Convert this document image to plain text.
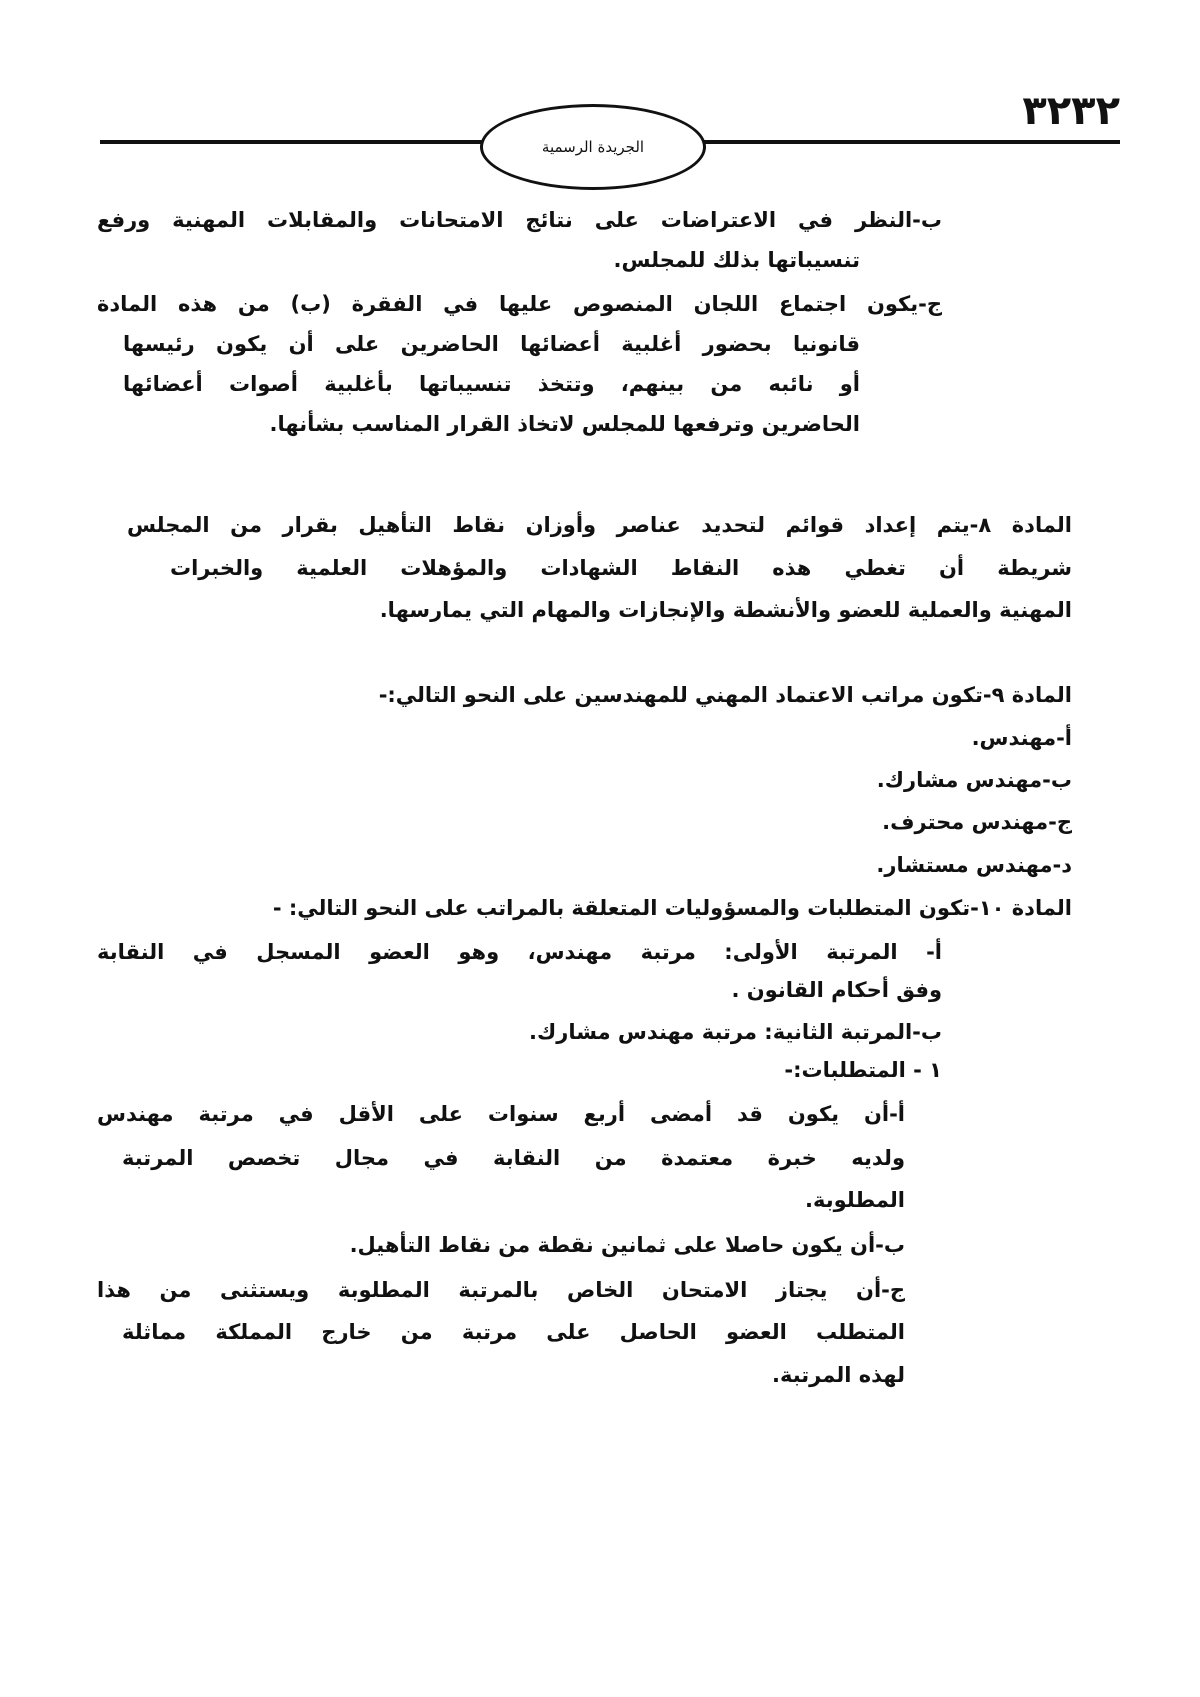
٣٢٣٢
الجريدة الرسمية
ب-النظر في الاعتراضات على نتائج الامتحانات والمقابلات المهنية ورفع
تنسيباتها بذلك للمجلس.
ج-يكون اجتماع اللجان المنصوص عليها في الفقرة (ب) من هذه المادة
قانونيا بحضور أغلبية أعضائها الحاضرين على أن يكون رئيسها
أو نائبه من بينهم، وتتخذ تنسيباتها بأغلبية أصوات أعضائها
الحاضرين وترفعها للمجلس لاتخاذ القرار المناسب بشأنها.
المادة ٨-يتم إعداد قوائم لتحديد عناصر وأوزان نقاط التأهيل بقرار من المجلس
شريطة أن تغطي هذه النقاط الشهادات والمؤهلات العلمية والخبرات
المهنية والعملية للعضو والأنشطة والإنجازات والمهام التي يمارسها.
المادة ٩-تكون مراتب الاعتماد المهني للمهندسين على النحو التالي:-
أ-مهندس.
ب-مهندس مشارك.
ج-مهندس محترف.
د-مهندس مستشار.
المادة ١٠-تكون المتطلبات والمسؤوليات المتعلقة بالمراتب على النحو التالي: -
أ- المرتبة الأولى: مرتبة مهندس، وهو العضو المسجل في النقابة
وفق أحكام القانون .
ب-المرتبة الثانية: مرتبة مهندس مشارك.
١ - المتطلبات:-
أ-أن يكون قد أمضى أربع سنوات على الأقل في مرتبة مهندس
ولديه خبرة معتمدة من النقابة في مجال تخصص المرتبة
المطلوبة.
ب-أن يكون حاصلا على ثمانين نقطة من نقاط التأهيل.
ج-أن يجتاز الامتحان الخاص بالمرتبة المطلوبة ويستثنى من هذا
المتطلب العضو الحاصل على مرتبة من خارج المملكة مماثلة
لهذه المرتبة.
